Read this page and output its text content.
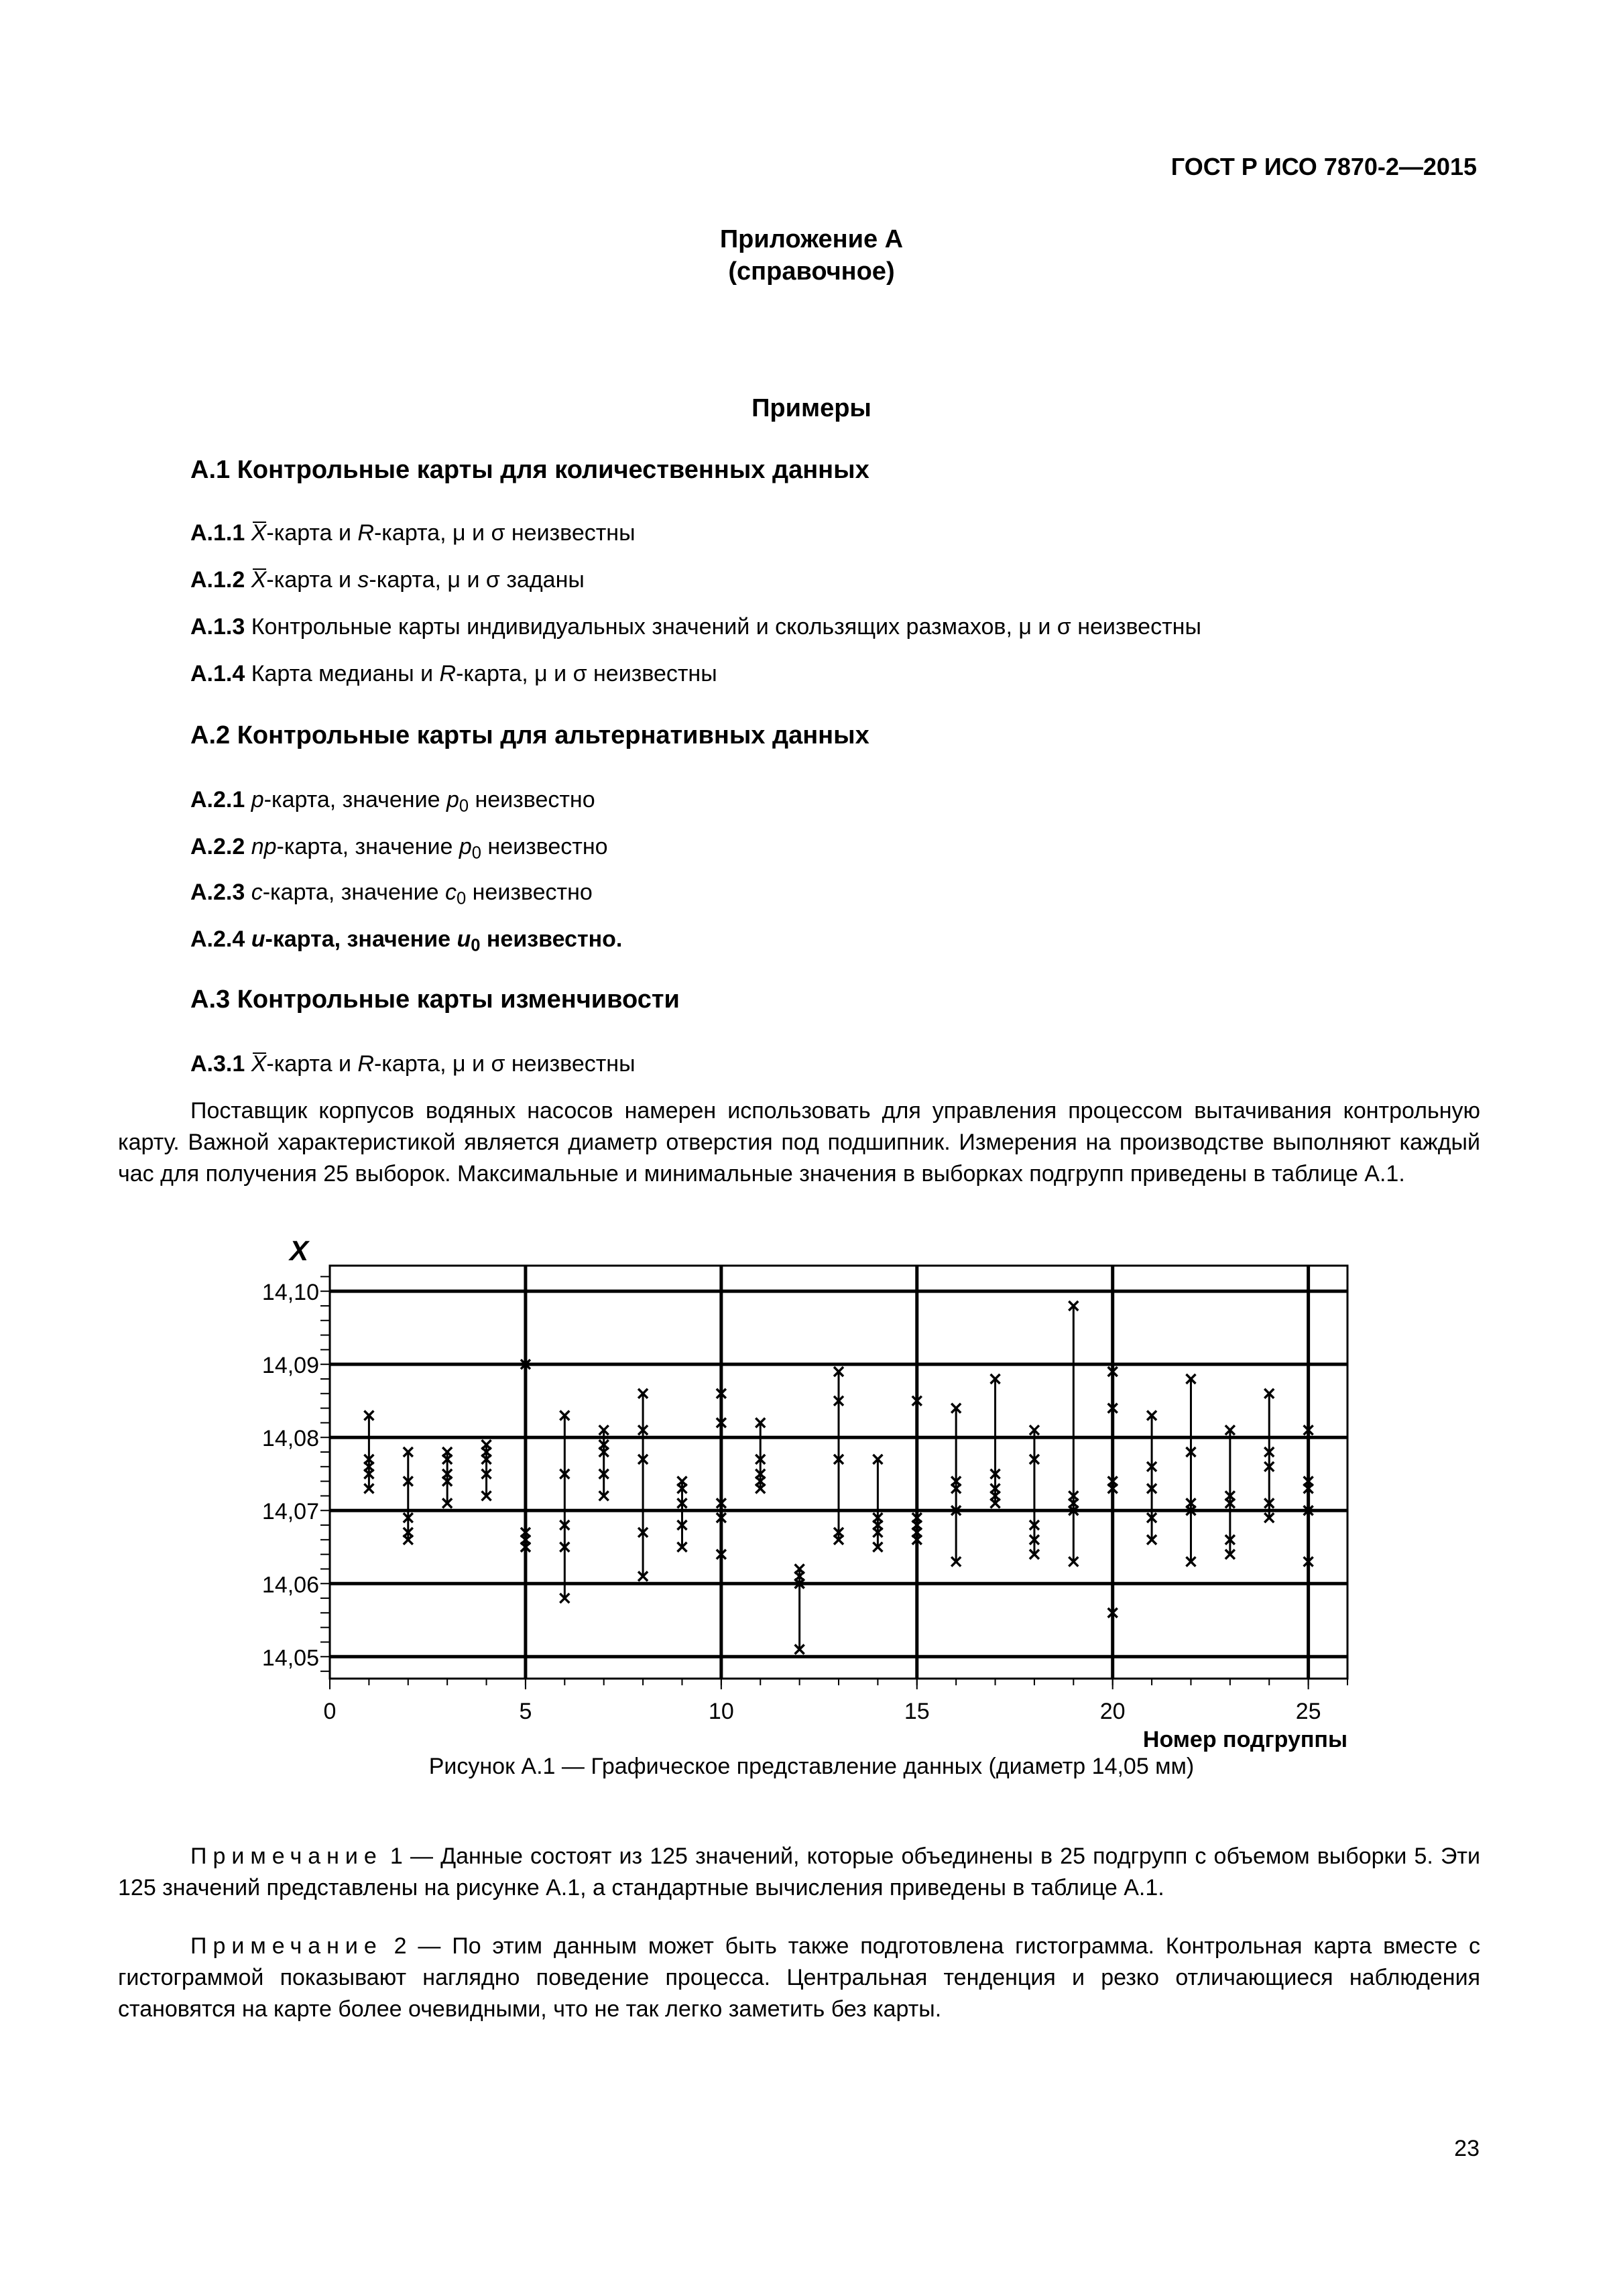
ГОСТ Р ИСО 7870-2—2015
Приложение А
(справочное)
Примеры
А.1 Контрольные карты для количественных данных
А.1.1 X-карта и R-карта, μ и σ неизвестны
А.1.2 X-карта и s-карта, μ и σ заданы
А.1.3 Контрольные карты индивидуальных значений и скользящих размахов, μ и σ неизвестны
А.1.4 Карта медианы и R-карта, μ и σ неизвестны
А.2 Контрольные карты для альтернативных данных
А.2.1 p-карта, значение $p_0$ неизвестно
А.2.2 np-карта, значение $p_0$ неизвестно
А.2.3 c-карта, значение $c_0$ неизвестно
А.2.4 u-карта, значение $u_0$ неизвестно.
А.3 Контрольные карты изменчивости
А.3.1 X-карта и R-карта, μ и σ неизвестны
Поставщик корпусов водяных насосов намерен использовать для управления процессом вытачивания контрольную карту. Важной характеристикой является диаметр отверстия под подшипник. Измерения на производстве выполняют каждый час для получения 25 выборок. Максимальные и минимальные значения в выборках подгрупп приведены в таблице А.1.
14,05
14,06
14,07
14,08
14,09
14,10
0	5	10	15	20	25
X
Номер подгруппы
Рисунок А.1 — Графическое представление данных (диаметр 14,05 мм)
Примечание 1 — Данные состоят из 125 значений, которые объединены в 25 подгрупп с объемом выборки 5. Эти 125 значений представлены на рисунке А.1, а стандартные вычисления приведены в таблице А.1.
Примечание 2 — По этим данным может быть также подготовлена гистограмма. Контрольная карта вместе с гистограммой показывают наглядно поведение процесса. Центральная тенденция и резко отличающиеся наблюдения становятся на карте более очевидными, что не так легко заметить без карты.
23
